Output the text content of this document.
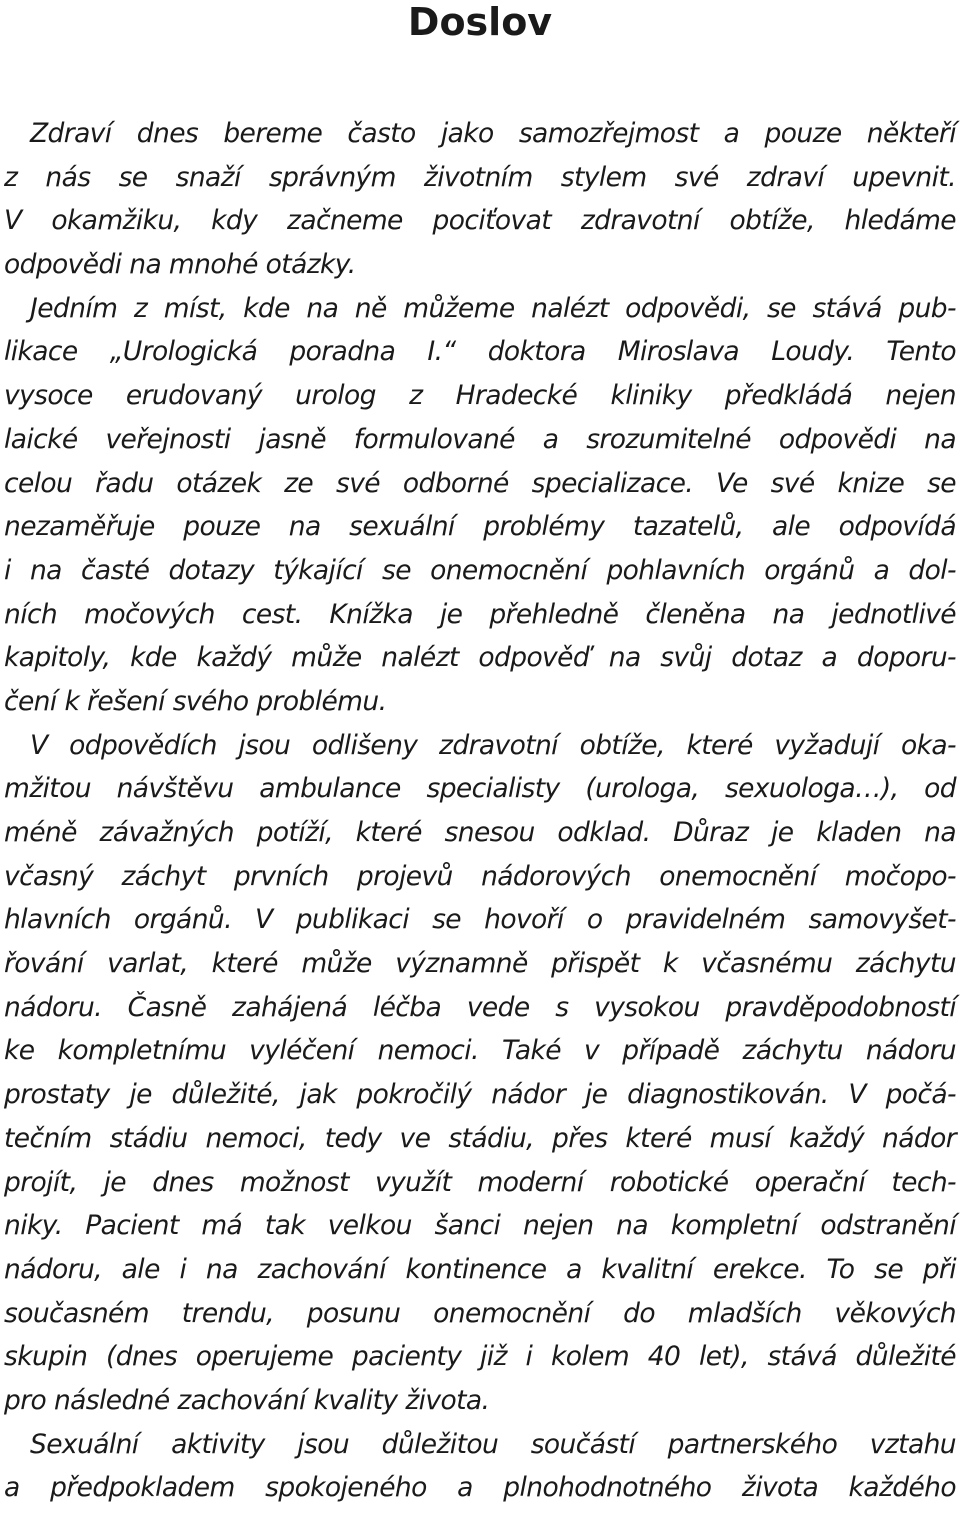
Doslov
Zdraví dnes bereme často jako samozřejmost a pouze někteří
z nás se snaží správným životním stylem své zdraví upevnit.
V okamžiku, kdy začneme pociťovat zdravotní obtíže, hledáme
odpovědi na mnohé otázky.
Jedním z míst, kde na ně můžeme nalézt odpovědi, se stává pub-
likace „Urologická poradna I.“ doktora Miroslava Loudy. Tento
vysoce erudovaný urolog z Hradecké kliniky předkládá nejen
laické veřejnosti jasně formulované a srozumitelné odpovědi na
celou řadu otázek ze své odborné specializace. Ve své knize se
nezaměřuje pouze na sexuální problémy tazatelů, ale odpovídá
i na časté dotazy týkající se onemocnění pohlavních orgánů a dol-
ních močových cest. Knížka je přehledně členěna na jednotlivé
kapitoly, kde každý může nalézt odpověď na svůj dotaz a doporu-
čení k řešení svého problému.
V odpovědích jsou odlišeny zdravotní obtíže, které vyžadují oka-
mžitou návštěvu ambulance specialisty (urologa, sexuologa…), od
méně závažných potíží, které snesou odklad. Důraz je kladen na
včasný záchyt prvních projevů nádorových onemocnění močopo-
hlavních orgánů. V publikaci se hovoří o pravidelném samovyšet-
řování varlat, které může významně přispět k včasnému záchytu
nádoru. Časně zahájená léčba vede s vysokou pravděpodobností
ke kompletnímu vyléčení nemoci. Také v případě záchytu nádoru
prostaty je důležité, jak pokročilý nádor je diagnostikován. V počá-
tečním stádiu nemoci, tedy ve stádiu, přes které musí každý nádor
projít, je dnes možnost využít moderní robotické operační tech-
niky. Pacient má tak velkou šanci nejen na kompletní odstranění
nádoru, ale i na zachování kontinence a kvalitní erekce. To se při
současném trendu, posunu onemocnění do mladších věkových
skupin (dnes operujeme pacienty již i kolem 40 let), stává důležité
pro následné zachování kvality života.
Sexuální aktivity jsou důležitou součástí partnerského vztahu
a předpokladem spokojeného a plnohodnotného života každého
